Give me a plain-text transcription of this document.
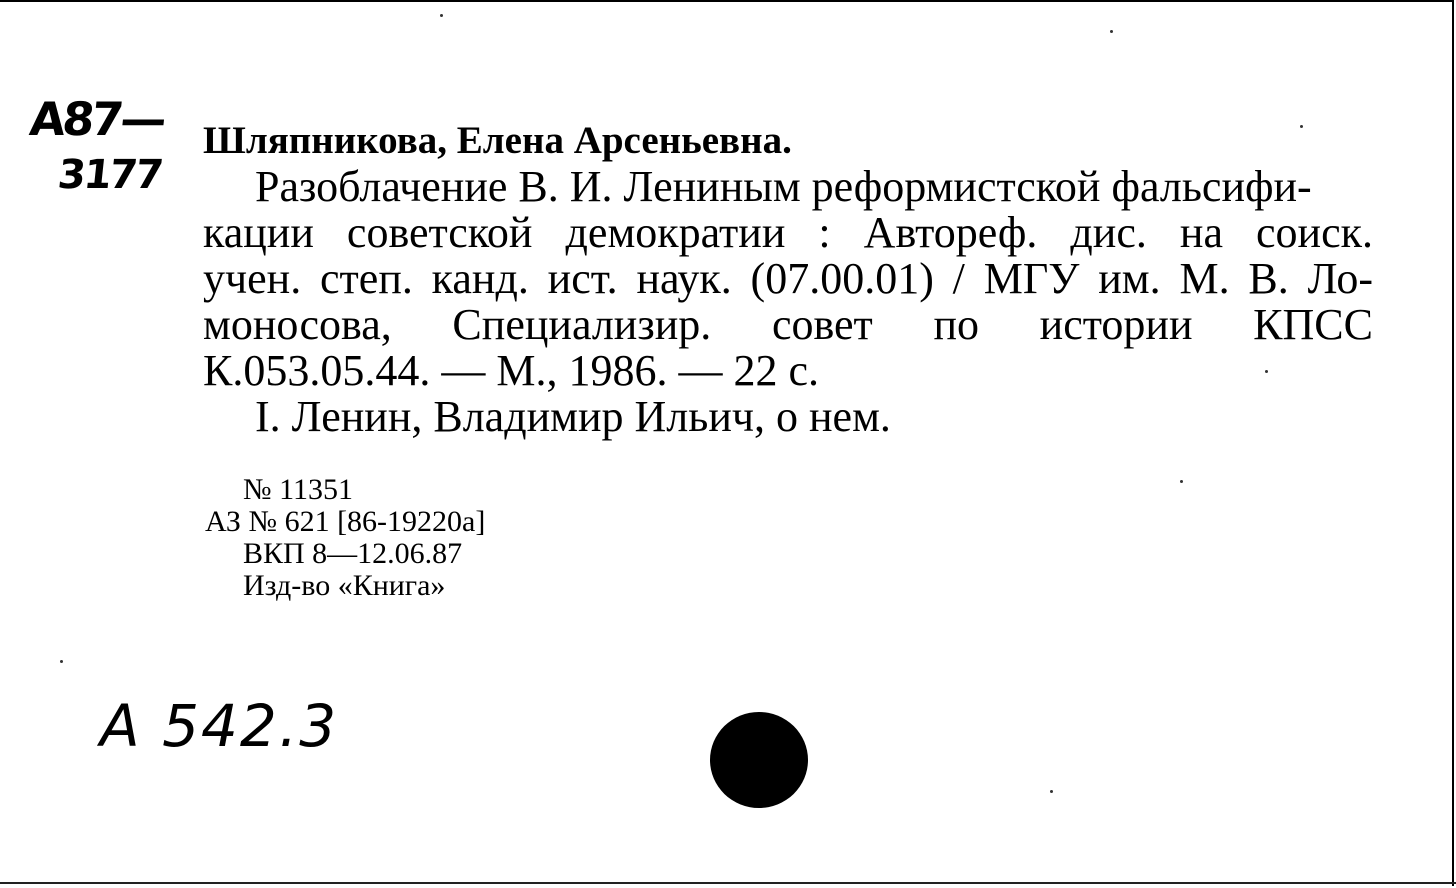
А87—
3177
Шляпникова, Елена Арсеньевна.
Разоблачение В. И. Лениным реформистской фальсифи-
кации советской демократии : Автореф. дис. на соиск.
учен. степ. канд. ист. наук. (07.00.01) / МГУ им. М. В. Ло-
моносова, Специализир. совет по истории КПСС
К.053.05.44. — М., 1986. — 22 с.
I. Ленин, Владимир Ильич, о нем.
№ 11351
АЗ № 621 [86-19220а]
ВКП 8—12.06.87
Изд-во «Книга»
А 542.3
